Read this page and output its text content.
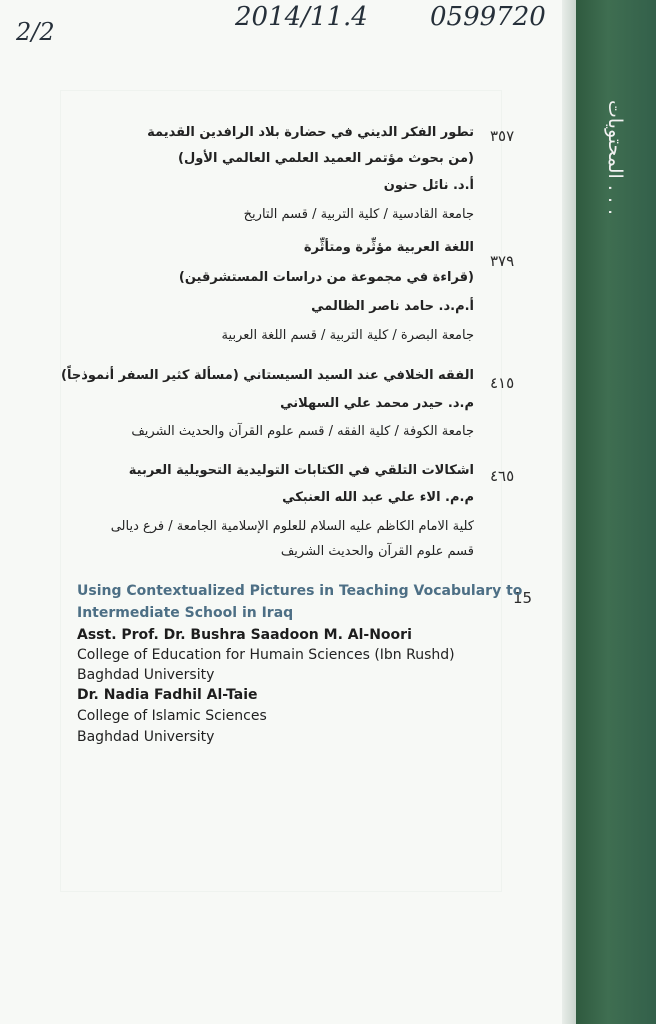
2/2	2014/11.4 0599720
٣٥٧
تطور الفكر الديني في حضارة بلاد الرافدين القديمة
(من بحوث مؤتمر العميد العلمي العالمي الأول)
أ.د. نائل حنون
جامعة القادسية / كلية التربية / قسم التاريخ
٣٧٩
اللغة العربية مؤثِّرة ومتأثِّرة
(قراءة في مجموعة من دراسات المستشرقين)
أ.م.د. حامد ناصر الظالمي
جامعة البصرة / كلية التربية / قسم اللغة العربية
٤١٥
الفقه الخلافي عند السيد السيستاني (مسألة كثير السفر أنموذجاً)
م.د. حيدر محمد علي السهلاني
جامعة الكوفة / كلية الفقه / قسم علوم القرآن والحديث الشريف
٤٦٥
اشكالات التلقي في الكتابات التوليدية التحويلية العربية
م.م. الاء علي عبد الله العنبكي
كلية الامام الكاظم عليه السلام للعلوم الإسلامية الجامعة / فرع ديالى
قسم علوم القرآن والحديث الشريف
15
Using Contextualized Pictures in Teaching Vocabulary to
Intermediate School in Iraq
Asst. Prof. Dr. Bushra Saadoon M. Al-Noori
College of Education for Humain Sciences (Ibn Rushd)
Baghdad University
Dr. Nadia Fadhil Al-Taie
College of Islamic Sciences
Baghdad University
المحتويات . . .
